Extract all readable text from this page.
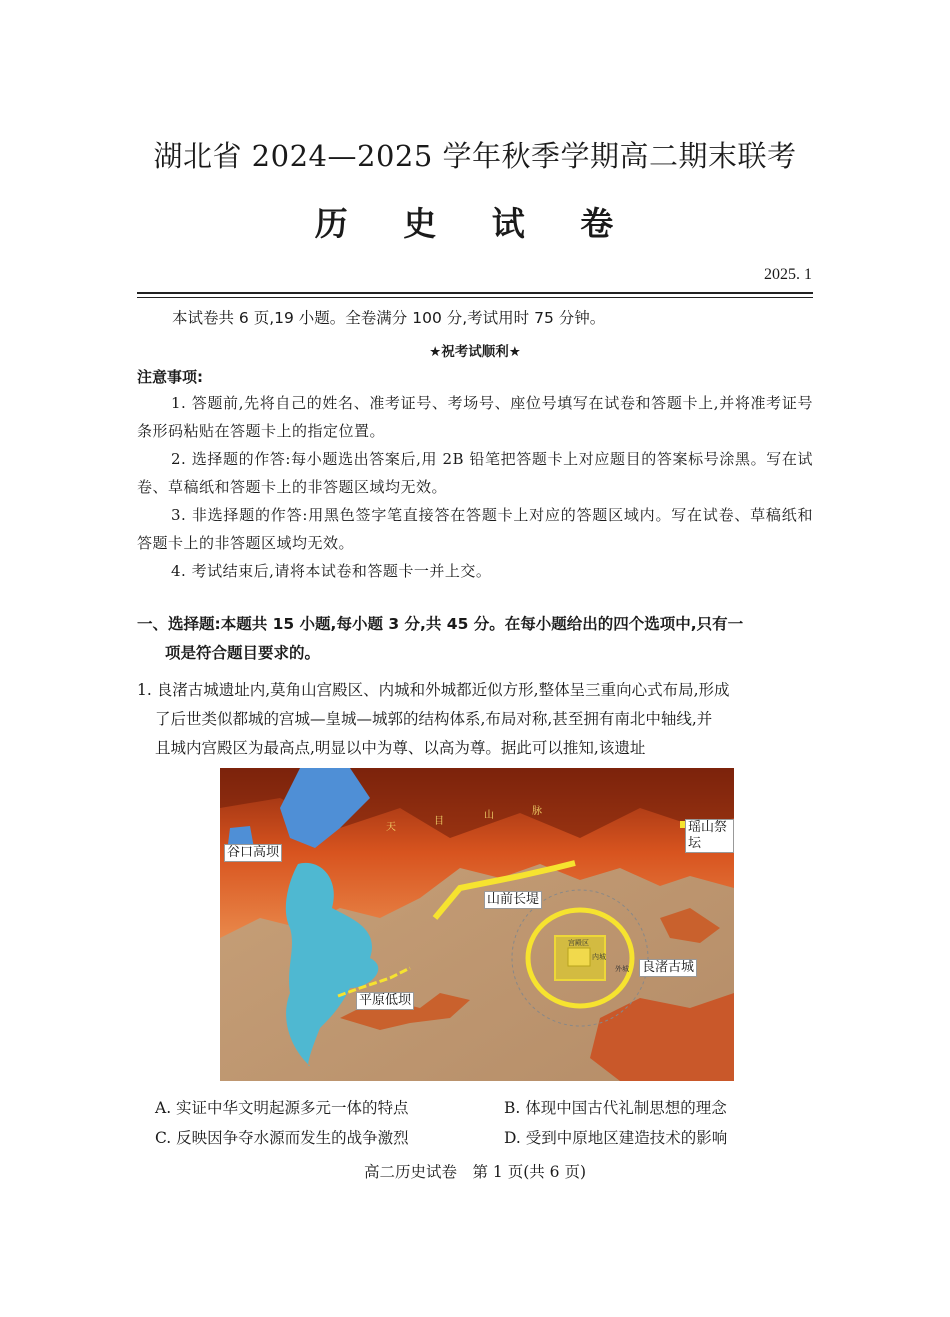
湖北省 2024—2025 学年秋季学期高二期末联考
历 史 试 卷
2025. 1
本试卷共 6 页,19 小题。全卷满分 100 分,考试用时 75 分钟。
★祝考试顺利★
注意事项:
1. 答题前,先将自己的姓名、准考证号、考场号、座位号填写在试卷和答题卡上,并将准考证号条形码粘贴在答题卡上的指定位置。
2. 选择题的作答:每小题选出答案后,用 2B 铅笔把答题卡上对应题目的答案标号涂黑。写在试卷、草稿纸和答题卡上的非答题区域均无效。
3. 非选择题的作答:用黑色签字笔直接答在答题卡上对应的答题区域内。写在试卷、草稿纸和答题卡上的非答题区域均无效。
4. 考试结束后,请将本试卷和答题卡一并上交。
一、选择题:本题共 15 小题,每小题 3 分,共 45 分。在每小题给出的四个选项中,只有一
项是符合题目要求的。
1. 良渚古城遗址内,莫角山宫殿区、内城和外城都近似方形,整体呈三重向心式布局,形成
了后世类似都城的宫城—皇城—城郭的结构体系,布局对称,甚至拥有南北中轴线,并
且城内宫殿区为最高点,明显以中为尊、以高为尊。据此可以推知,该遗址
天
目
山	脉
谷口高坝
瑶山祭坛
山前长堤
良渚古城
平原低坝
宫殿区
内城
外城
A. 实证中华文明起源多元一体的特点	B. 体现中国古代礼制思想的理念
C. 反映因争夺水源而发生的战争激烈	D. 受到中原地区建造技术的影响
高二历史试卷　第 1 页(共 6 页)
